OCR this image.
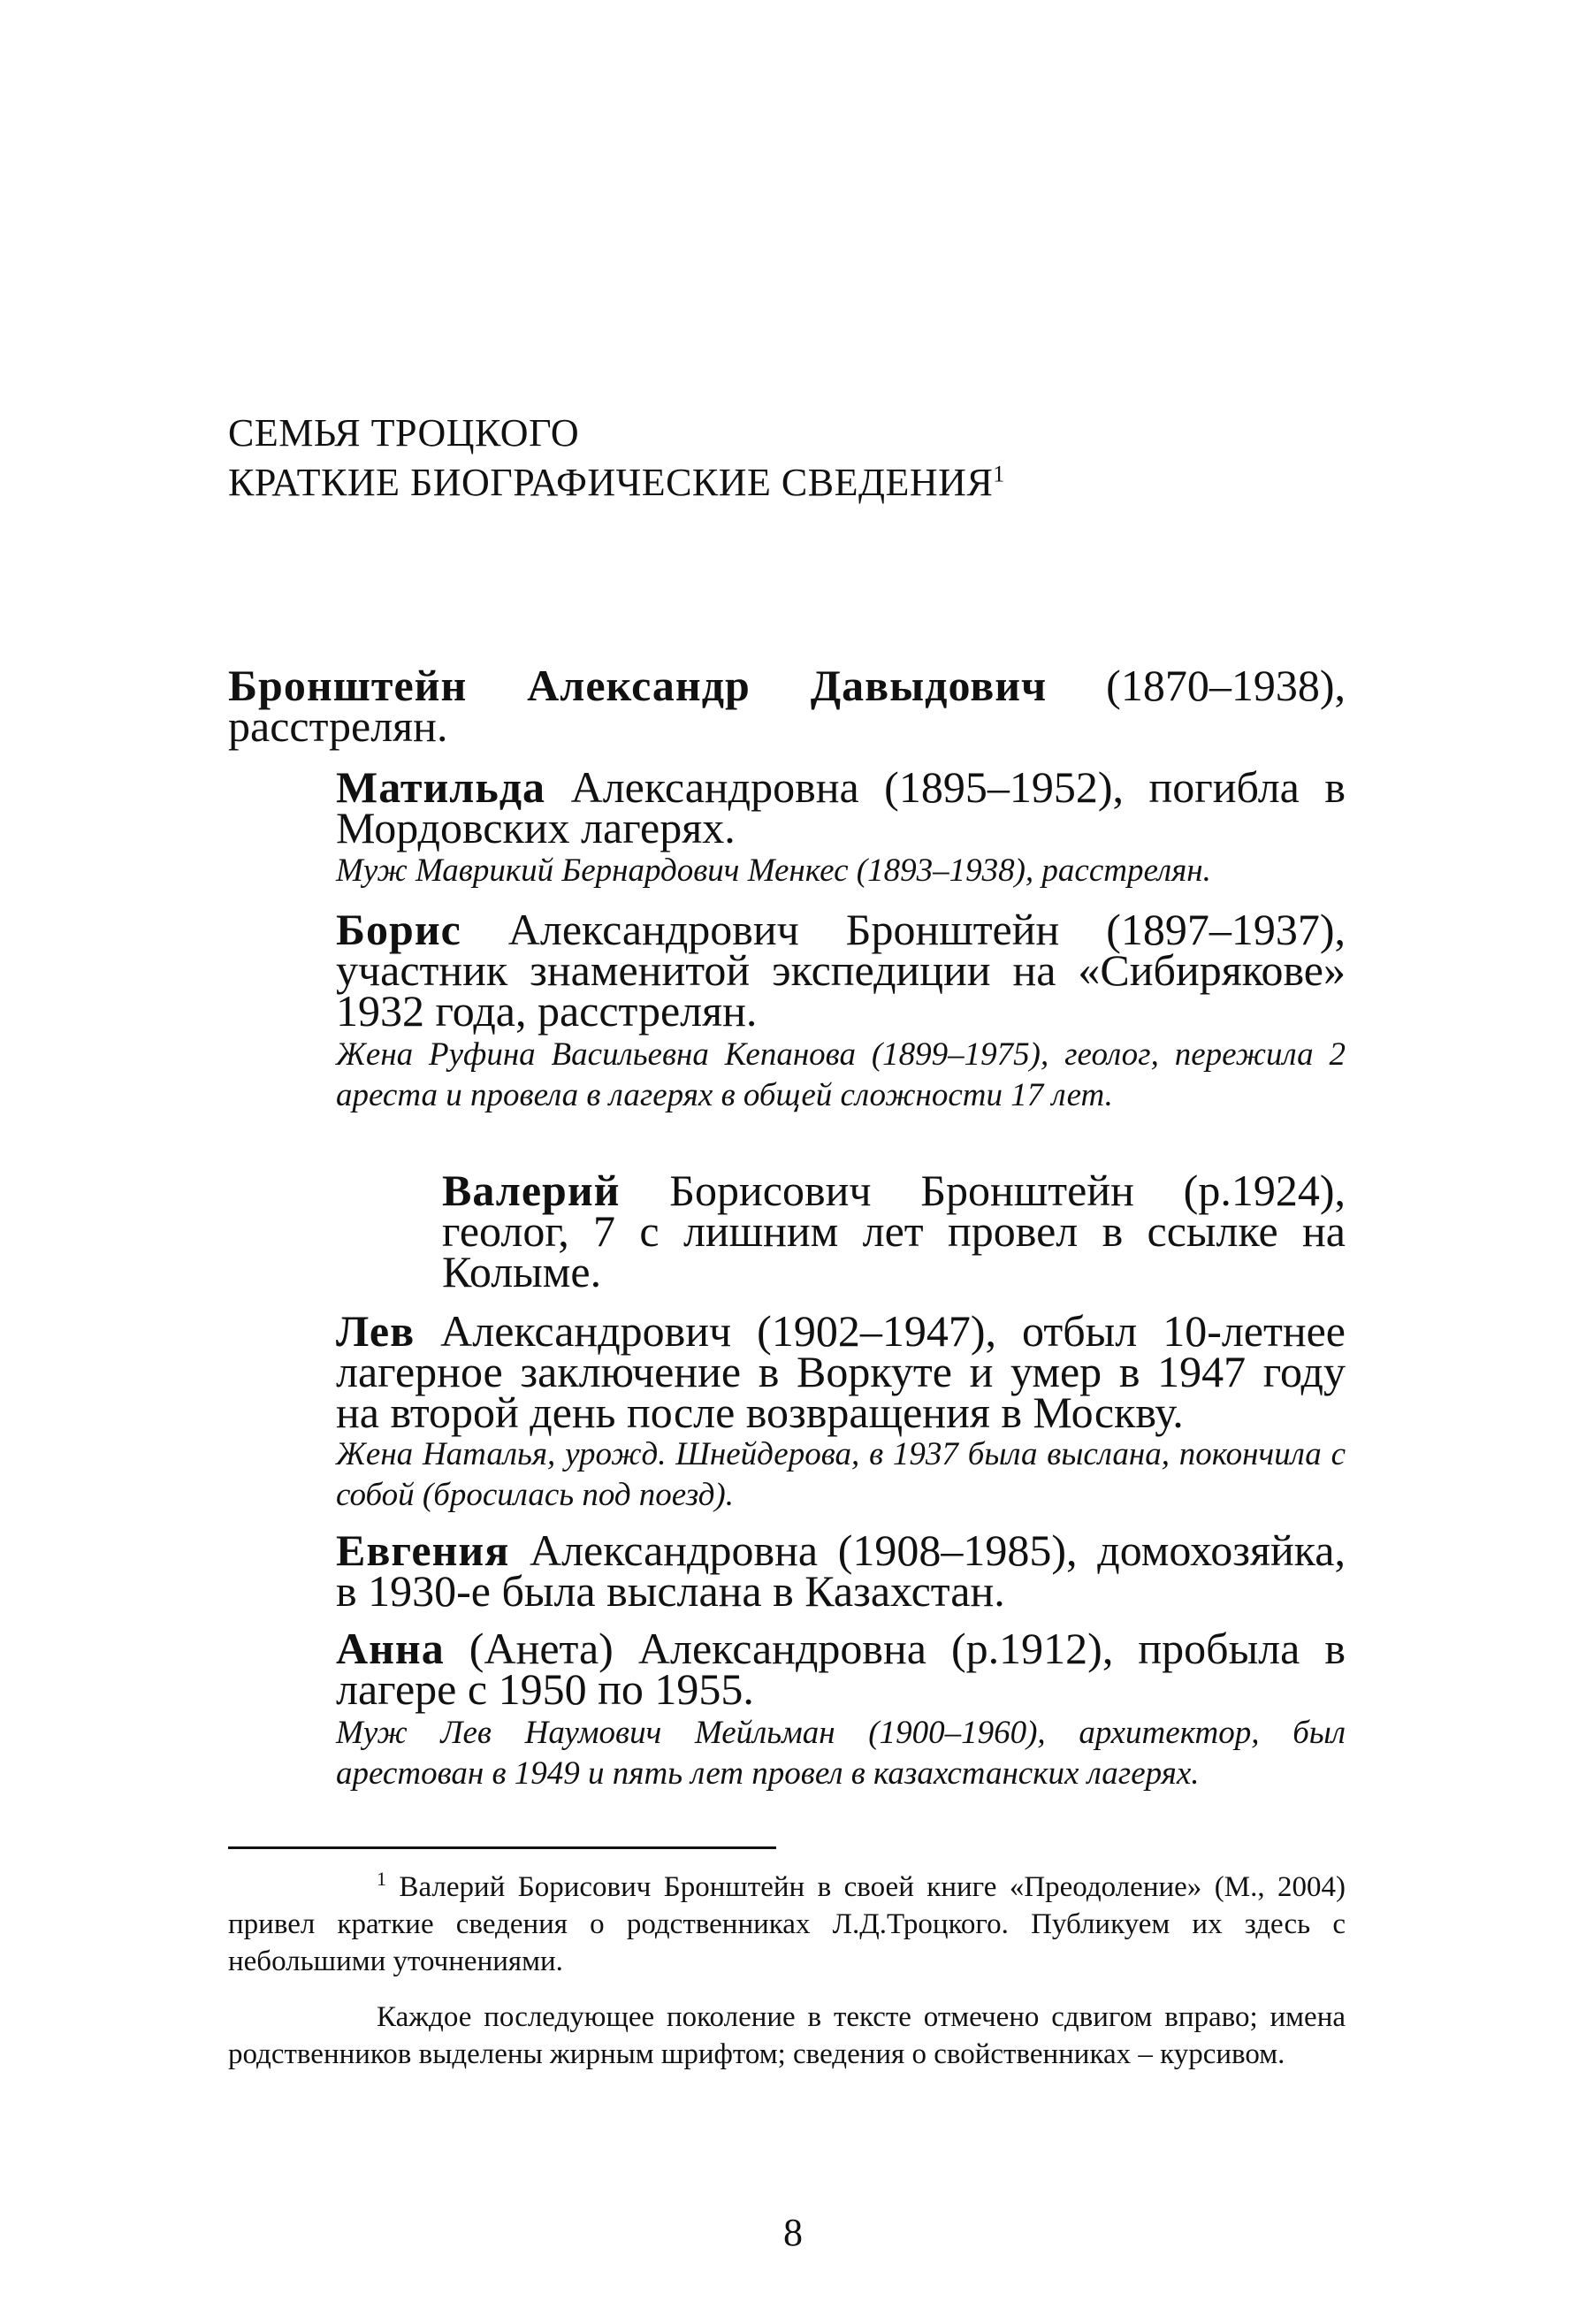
СЕМЬЯ ТРОЦКОГО
КРАТКИЕ БИОГРАФИЧЕСКИЕ СВЕДЕНИЯ$^1$
Бронштейн Александр Давыдович (1870–1938), расстрелян.
Матильда Александровна (1895–1952), погибла в Мордовских лагерях.
Муж Маврикий Бернардович Менкес (1893–1938), расстрелян.
Борис Александрович Бронштейн (1897–1937), участник знаменитой экспедиции на «Сибирякове» 1932 года, расстрелян.
Жена Руфина Васильевна Кепанова (1899–1975), геолог, пережила 2 ареста и провела в лагерях в общей сложности 17 лет.
Валерий Борисович Бронштейн (р.1924), геолог, 7 с лишним лет провел в ссылке на Колыме.
Лев Александрович (1902–1947), отбыл 10-летнее лагерное заключение в Воркуте и умер в 1947 году на второй день после возвращения в Москву.
Жена Наталья, урожд. Шнейдерова, в 1937 была выслана, покончила с собой (бросилась под поезд).
Евгения Александровна (1908–1985), домохозяйка, в 1930-е была выслана в Казахстан.
Анна (Анета) Александровна (р.1912), пробыла в лагере с 1950 по 1955.
Муж Лев Наумович Мейльман (1900–1960), архитектор, был арестован в 1949 и пять лет провел в казахстанских лагерях.
$^1$ Валерий Борисович Бронштейн в своей книге «Преодоление» (М., 2004) привел краткие сведения о родственниках Л.Д.Троцкого. Публикуем их здесь с небольшими уточнениями.
Каждое последующее поколение в тексте отмечено сдвигом вправо; имена родственников выделены жирным шрифтом; сведения о свойственниках – курсивом.
8
